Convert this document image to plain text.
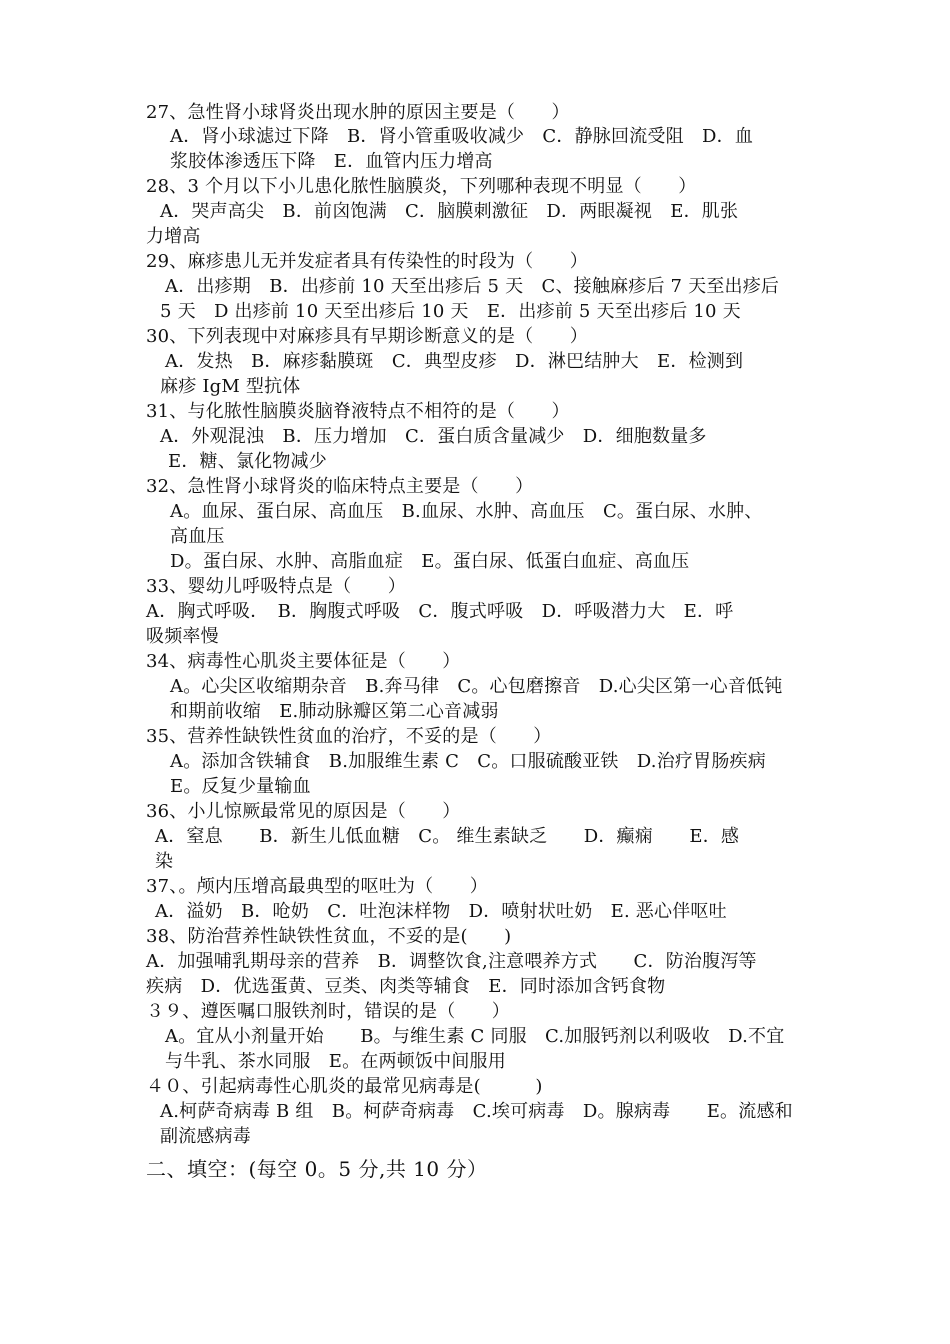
27、急性肾小球肾炎出现水肿的原因主要是（　　）
A．肾小球滤过下降　B．肾小管重吸收减少　C．静脉回流受阻　D．血
浆胶体渗透压下降　E．血管内压力增高
28、3 个月以下小儿患化脓性脑膜炎，下列哪种表现不明显（　　）
A．哭声高尖　B．前囟饱满　C．脑膜刺激征　D．两眼凝视　E．肌张
力增高
29、麻疹患儿无并发症者具有传染性的时段为（　　）
A．出疹期　B．出疹前 10 天至出疹后 5 天　C、接触麻疹后 7 天至出疹后
5 天　D 出疹前 10 天至出疹后 10 天　E．出疹前 5 天至出疹后 10 天
30、下列表现中对麻疹具有早期诊断意义的是（　　）
A．发热　B．麻疹黏膜斑　C．典型皮疹　D．淋巴结肿大　E．检测到
麻疹 IgM 型抗体
31、与化脓性脑膜炎脑脊液特点不相符的是（　　）
A．外观混浊　B．压力增加　C．蛋白质含量减少　D．细胞数量多
E．糖、氯化物减少
32、急性肾小球肾炎的临床特点主要是（　　）
A。血尿、蛋白尿、高血压　B.血尿、水肿、高血压　C。蛋白尿、水肿、
高血压
D。蛋白尿、水肿、高脂血症　E。蛋白尿、低蛋白血症、高血压
33、婴幼儿呼吸特点是（　　）
A．胸式呼吸．　B．胸腹式呼吸　C．腹式呼吸　D．呼吸潜力大　E．呼
吸频率慢
34、病毒性心肌炎主要体征是（　　）
A。心尖区收缩期杂音　B.奔马律　C。心包磨擦音　D.心尖区第一心音低钝
和期前收缩　E.肺动脉瓣区第二心音减弱
35、营养性缺铁性贫血的治疗，不妥的是（　　）
A。添加含铁辅食　B.加服维生素 C　C。口服硫酸亚铁　D.治疗胃肠疾病
E。反复少量输血
36、小儿惊厥最常见的原因是（　　）
A．窒息　　B．新生儿低血糖　C。 维生素缺乏　　D．癫痫　　E．感
染
37、。颅内压增高最典型的呕吐为（　　）
A．溢奶　B．呛奶　C．吐泡沫样物　D．喷射状吐奶　E. 恶心伴呕吐
38、防治营养性缺铁性贫血，不妥的是(　　)
A．加强哺乳期母亲的营养　B．调整饮食,注意喂养方式　　C．防治腹泻等
疾病　D．优选蛋黄、豆类、肉类等辅食　E．同时添加含钙食物
３９、遵医嘱口服铁剂时，错误的是（　　）
A。宜从小剂量开始　　B。与维生素 C 同服　C.加服钙剂以利吸收　D.不宜
与牛乳、茶水同服　E。在两顿饭中间服用
４０、引起病毒性心肌炎的最常见病毒是(　　　)
A.柯萨奇病毒 B 组　B。柯萨奇病毒　C.埃可病毒　D。腺病毒　　E。流感和
副流感病毒
二、填空：(每空 0。5 分,共 10 分）
